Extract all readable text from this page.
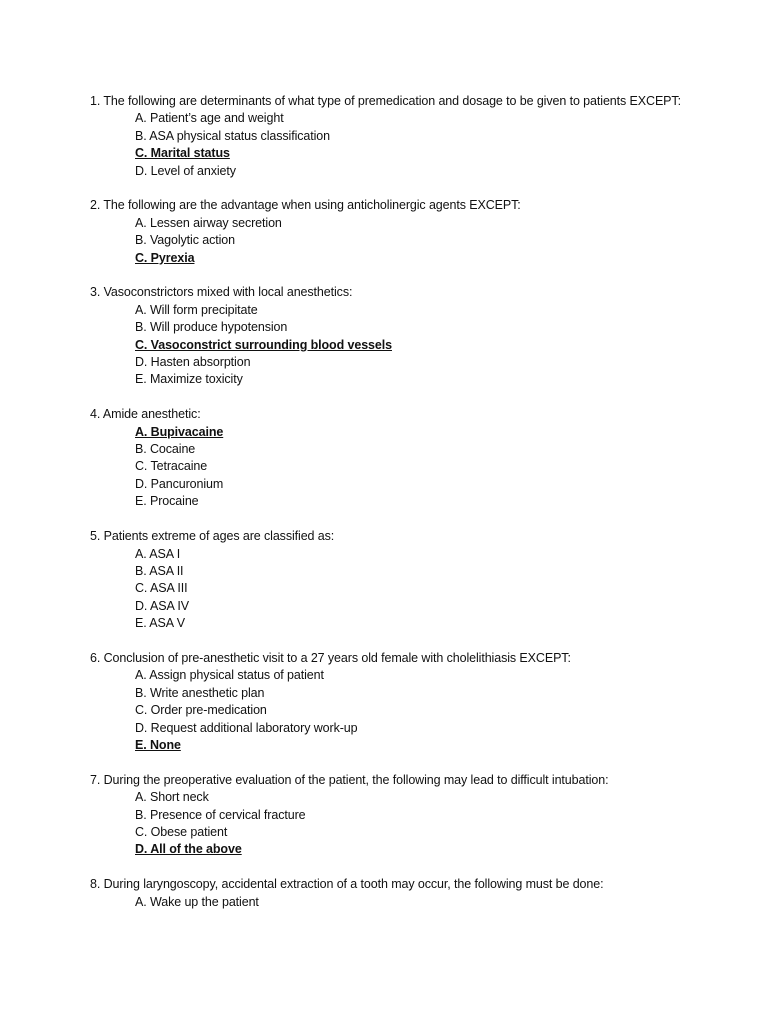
1. The following are determinants of what type of premedication and dosage to be given to patients EXCEPT:

A. Patient’s age and weight
B. ASA physical status classification
C. Marital status
D. Level of anxiety

2. The following are the advantage when using anticholinergic agents EXCEPT:

A. Lessen airway secretion
B. Vagolytic action
C. Pyrexia

3. Vasoconstrictors mixed with local anesthetics:

A. Will form precipitate
B. Will produce hypotension
C. Vasoconstrict surrounding blood vessels
D. Hasten absorption
E. Maximize toxicity

4. Amide anesthetic:

A. Bupivacaine
B. Cocaine
C. Tetracaine
D. Pancuronium
E. Procaine

5. Patients extreme of ages are classified as:

A. ASA I
B. ASA II
C. ASA III
D. ASA IV
E. ASA V

6. Conclusion of pre-anesthetic visit to a 27 years old female with cholelithiasis EXCEPT:

A. Assign physical status of patient
B. Write anesthetic plan
C. Order pre-medication
D. Request additional laboratory work-up
E. None

7. During the preoperative evaluation of the patient, the following may lead to difficult intubation:

A. Short neck
B. Presence of cervical fracture
C. Obese patient
D. All of the above

8. During laryngoscopy, accidental extraction of a tooth may occur, the following must be done:

A. Wake up the patient
